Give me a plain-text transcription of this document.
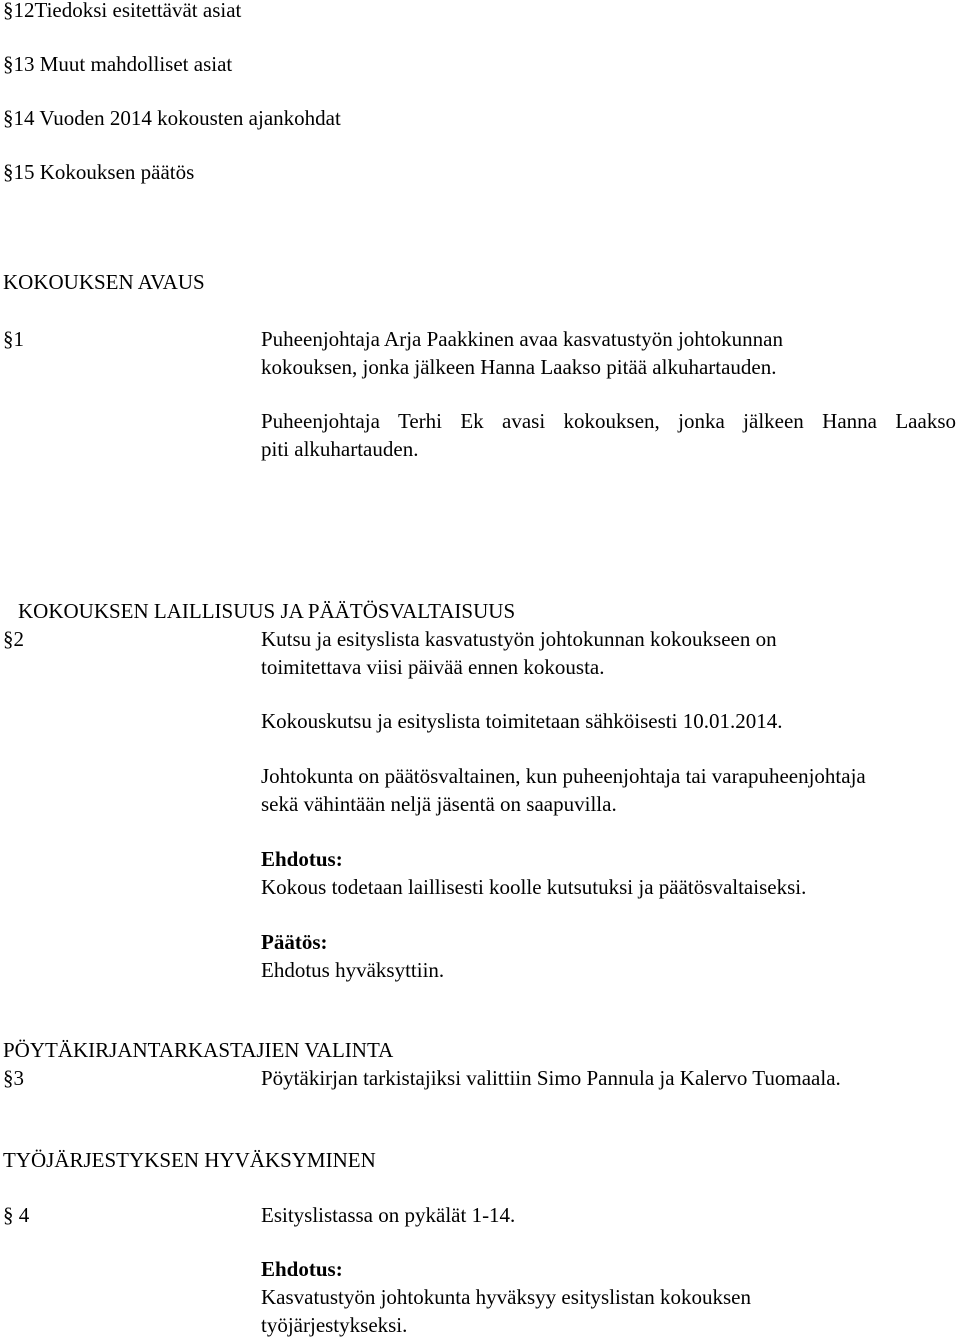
§12Tiedoksi esitettävät asiat
§13 Muut mahdolliset asiat
§14 Vuoden 2014 kokousten ajankohdat
§15 Kokouksen päätös
KOKOUKSEN AVAUS
§1	Puheenjohtaja Arja Paakkinen avaa kasvatustyön johtokunnan
kokouksen, jonka jälkeen Hanna Laakso pitää alkuhartauden.
Puheenjohtaja Terhi Ek avasi kokouksen, jonka jälkeen Hanna Laakso
piti alkuhartauden.
KOKOUKSEN LAILLISUUS JA PÄÄTÖSVALTAISUUS
§2	Kutsu ja esityslista kasvatustyön johtokunnan kokoukseen on
toimitettava viisi päivää ennen kokousta.
Kokouskutsu ja esityslista toimitetaan sähköisesti 10.01.2014.
Johtokunta on päätösvaltainen, kun puheenjohtaja tai varapuheenjohtaja
sekä vähintään neljä jäsentä on saapuvilla.
Ehdotus:
Kokous todetaan laillisesti koolle kutsutuksi ja päätösvaltaiseksi.
Päätös:
Ehdotus hyväksyttiin.
PÖYTÄKIRJANTARKASTAJIEN VALINTA
§3	Pöytäkirjan tarkistajiksi valittiin Simo Pannula ja Kalervo Tuomaala.
TYÖJÄRJESTYKSEN HYVÄKSYMINEN
§ 4	Esityslistassa on pykälät 1-14.
Ehdotus:
Kasvatustyön johtokunta hyväksyy esityslistan kokouksen
työjärjestykseksi.
